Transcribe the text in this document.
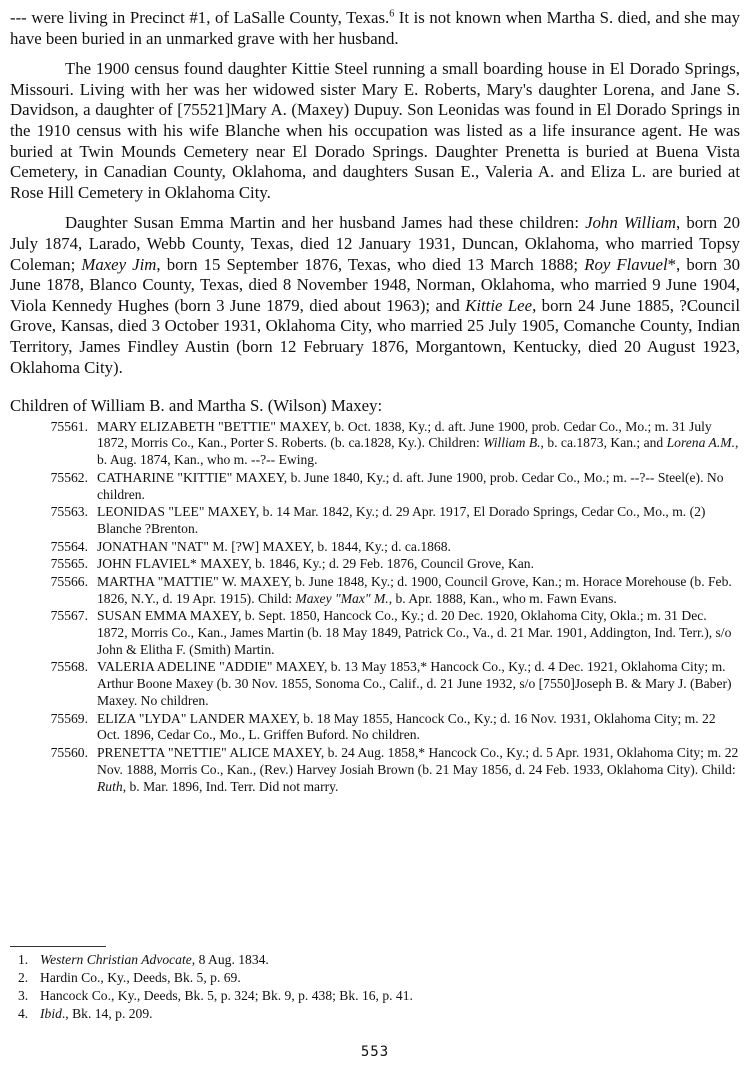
--- were living in Precinct #1, of LaSalle County, Texas.$^6$ It is not known when Martha S. died, and she may have been buried in an unmarked grave with her husband.

The 1900 census found daughter Kittie Steel running a small boarding house in El Dorado Springs, Missouri. Living with her was her widowed sister Mary E. Roberts, Mary's daughter Lorena, and Jane S. Davidson, a daughter of [75521]Mary A. (Maxey) Dupuy. Son Leonidas was found in El Dorado Springs in the 1910 census with his wife Blanche when his occupation was listed as a life insurance agent. He was buried at Twin Mounds Cemetery near El Dorado Springs. Daughter Prenetta is buried at Buena Vista Cemetery, in Canadian County, Oklahoma, and daughters Susan E., Valeria A. and Eliza L. are buried at Rose Hill Cemetery in Oklahoma City.

Daughter Susan Emma Martin and her husband James had these children: John William, born 20 July 1874, Larado, Webb County, Texas, died 12 January 1931, Duncan, Oklahoma, who married Topsy Coleman; Maxey Jim, born 15 September 1876, Texas, who died 13 March 1888; Roy Flavuel*, born 30 June 1878, Blanco County, Texas, died 8 November 1948, Norman, Oklahoma, who married 9 June 1904, Viola Kennedy Hughes (born 3 June 1879, died about 1963); and Kittie Lee, born 24 June 1885, ?Council Grove, Kansas, died 3 October 1931, Oklahoma City, who married 25 July 1905, Comanche County, Indian Territory, James Findley Austin (born 12 February 1876, Morgantown, Kentucky, died 20 August 1923, Oklahoma City).

Children of William B. and Martha S. (Wilson) Maxey:
75561. MARY ELIZABETH "BETTIE" MAXEY, b. Oct. 1838, Ky.; d. aft. June 1900, prob. Cedar Co., Mo.; m. 31 July 1872, Morris Co., Kan., Porter S. Roberts. (b. ca.1828, Ky.). Children: William B., b. ca.1873, Kan.; and Lorena A.M., b. Aug. 1874, Kan., who m. --?-- Ewing.
75562. CATHARINE "KITTIE" MAXEY, b. June 1840, Ky.; d. aft. June 1900, prob. Cedar Co., Mo.; m. --?-- Steel(e). No children.
75563. LEONIDAS "LEE" MAXEY, b. 14 Mar. 1842, Ky.; d. 29 Apr. 1917, El Dorado Springs, Cedar Co., Mo., m. (2) Blanche ?Brenton.
75564. JONATHAN "NAT" M. [?W] MAXEY, b. 1844, Ky.; d. ca.1868.
75565. JOHN FLAVIEL* MAXEY, b. 1846, Ky.; d. 29 Feb. 1876, Council Grove, Kan.
75566. MARTHA "MATTIE" W. MAXEY, b. June 1848, Ky.; d. 1900, Council Grove, Kan.; m. Horace Morehouse (b. Feb. 1826, N.Y., d. 19 Apr. 1915). Child: Maxey "Max" M., b. Apr. 1888, Kan., who m. Fawn Evans.
75567. SUSAN EMMA MAXEY, b. Sept. 1850, Hancock Co., Ky.; d. 20 Dec. 1920, Oklahoma City, Okla.; m. 31 Dec. 1872, Morris Co., Kan., James Martin (b. 18 May 1849, Patrick Co., Va., d. 21 Mar. 1901, Addington, Ind. Terr.), s/o John & Elitha F. (Smith) Martin.
75568. VALERIA ADELINE "ADDIE" MAXEY, b. 13 May 1853,* Hancock Co., Ky.; d. 4 Dec. 1921, Oklahoma City; m. Arthur Boone Maxey (b. 30 Nov. 1855, Sonoma Co., Calif., d. 21 June 1932, s/o [7550]Joseph B. & Mary J. (Baber) Maxey. No children.
75569. ELIZA "LYDA" LANDER MAXEY, b. 18 May 1855, Hancock Co., Ky.; d. 16 Nov. 1931, Oklahoma City; m. 22 Oct. 1896, Cedar Co., Mo., L. Griffen Buford. No children.
75560. PRENETTA "NETTIE" ALICE MAXEY, b. 24 Aug. 1858,* Hancock Co., Ky.; d. 5 Apr. 1931, Oklahoma City; m. 22 Nov. 1888, Morris Co., Kan., (Rev.) Harvey Josiah Brown (b. 21 May 1856, d. 24 Feb. 1933, Oklahoma City). Child: Ruth, b. Mar. 1896, Ind. Terr. Did not marry.
1. Western Christian Advocate, 8 Aug. 1834.
2. Hardin Co., Ky., Deeds, Bk. 5, p. 69.
3. Hancock Co., Ky., Deeds, Bk. 5, p. 324; Bk. 9, p. 438; Bk. 16, p. 41.
4. Ibid., Bk. 14, p. 209.
553
